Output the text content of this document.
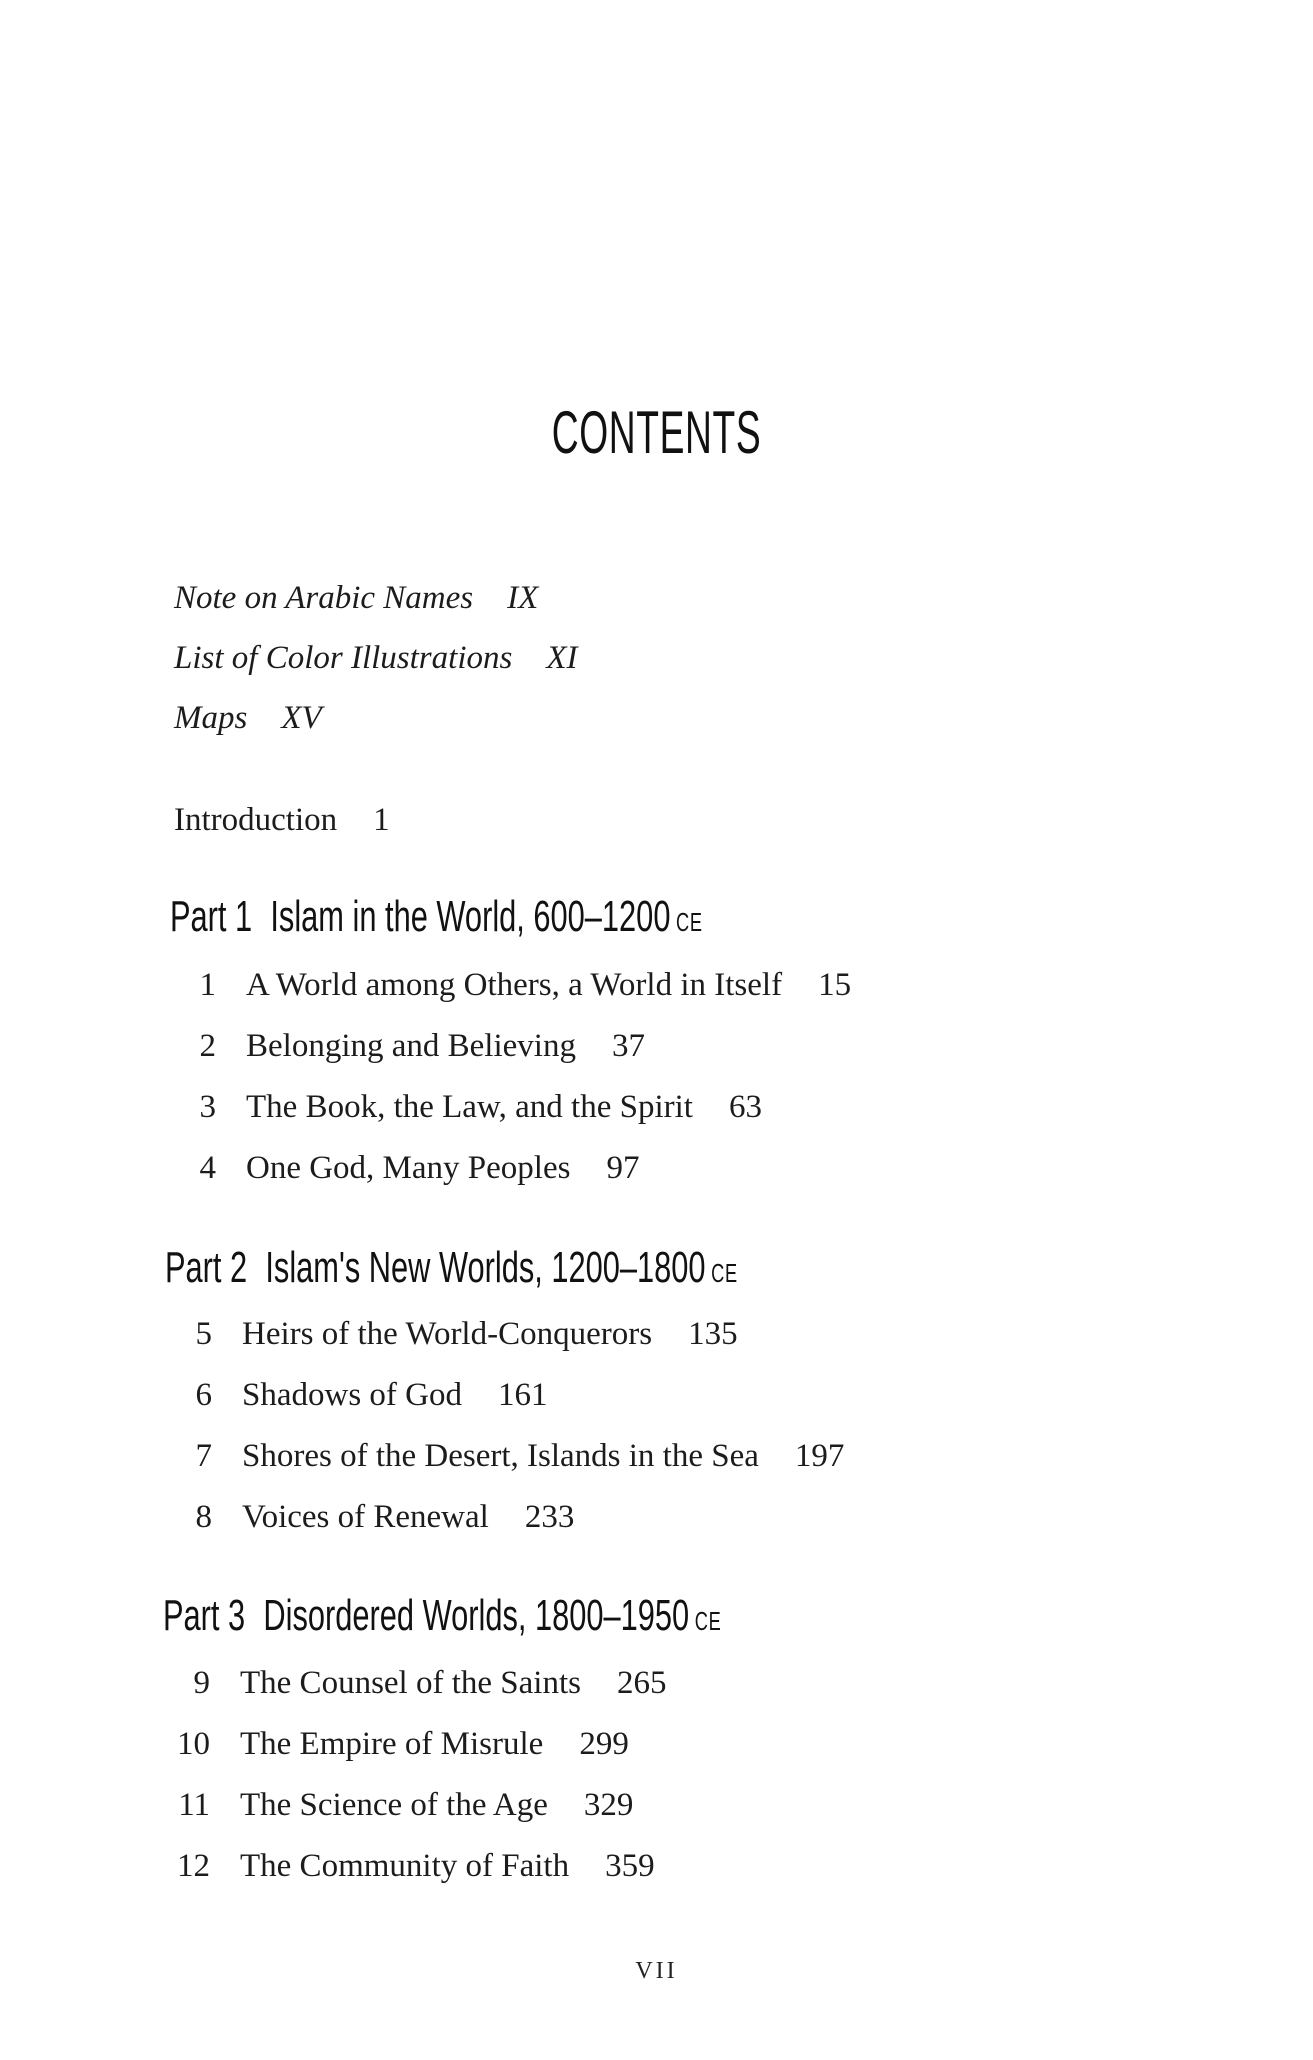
CONTENTS
Note on Arabic Names IX
List of Color Illustrations XI
Maps XV
Introduction 1
Part 1 Islam in the World, 600–1200 CE
1 A World among Others, a World in Itself 15
2 Belonging and Believing 37
3 The Book, the Law, and the Spirit 63
4 One God, Many Peoples 97
Part 2 Islam's New Worlds, 1200–1800 CE
5 Heirs of the World-Conquerors 135
6 Shadows of God 161
7 Shores of the Desert, Islands in the Sea 197
8 Voices of Renewal 233
Part 3 Disordered Worlds, 1800–1950 CE
9 The Counsel of the Saints 265
10 The Empire of Misrule 299
11 The Science of the Age 329
12 The Community of Faith 359
VII
